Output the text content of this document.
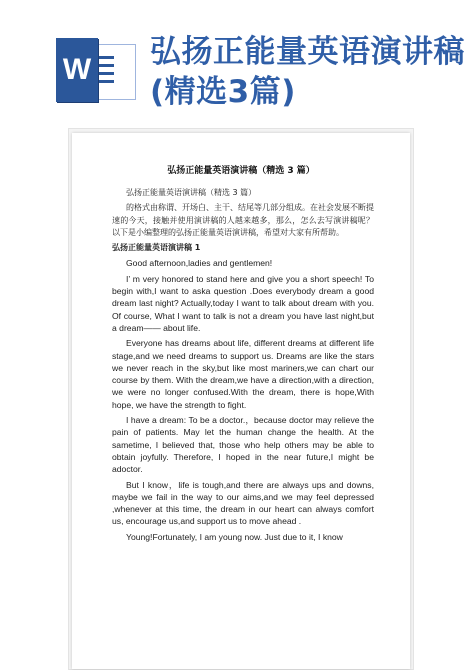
W 弘扬正能量英语演讲稿(精选3篇)
弘扬正能量英语演讲稿（精选 3 篇）

弘扬正能量英语演讲稿（精选 3 篇）

的格式由称谓、开场白、主干、结尾等几部分组成。在社会发展不断提速的今天，接触并使用演讲稿的人越来越多，那么，怎么去写演讲稿呢？以下是小编整理的弘扬正能量英语演讲稿，希望对大家有所帮助。

弘扬正能量英语演讲稿 1

Good afternoon,ladies and gentlemen!

I’ m very honored to stand here and give you a short speech! To begin with,I want to aska question .Does everybody dream a good dream last night? Actually,today I want to talk about dream with you. Of course, What I want to talk is not a dream you have last night,but a dream—— about life.

Everyone has dreams about life, different dreams at different life stage,and we need dreams to support us. Dreams are like the stars we never reach in the sky,but like most mariners,we can chart our course by them. With the dream,we have a direction,with a direction, we were no longer confused.With the dream, there is hope,With hope, we have the strength to fight.

I have a dream: To be a doctor.，because doctor may relieve the pain of patients. May let the human change the health. At the sametime, I believed that, those who help others may be able to obtain joyfully. Therefore, I hoped in the near future,I might be adoctor.

But I know，life is tough,and there are always ups and downs, maybe we fail in the way to our aims,and we may feel depressed ,whenever at this time, the dream in our heart can always comfort us, encourage us,and support us to move ahead .

Young!Fortunately, I am young now. Just due to it, I know
